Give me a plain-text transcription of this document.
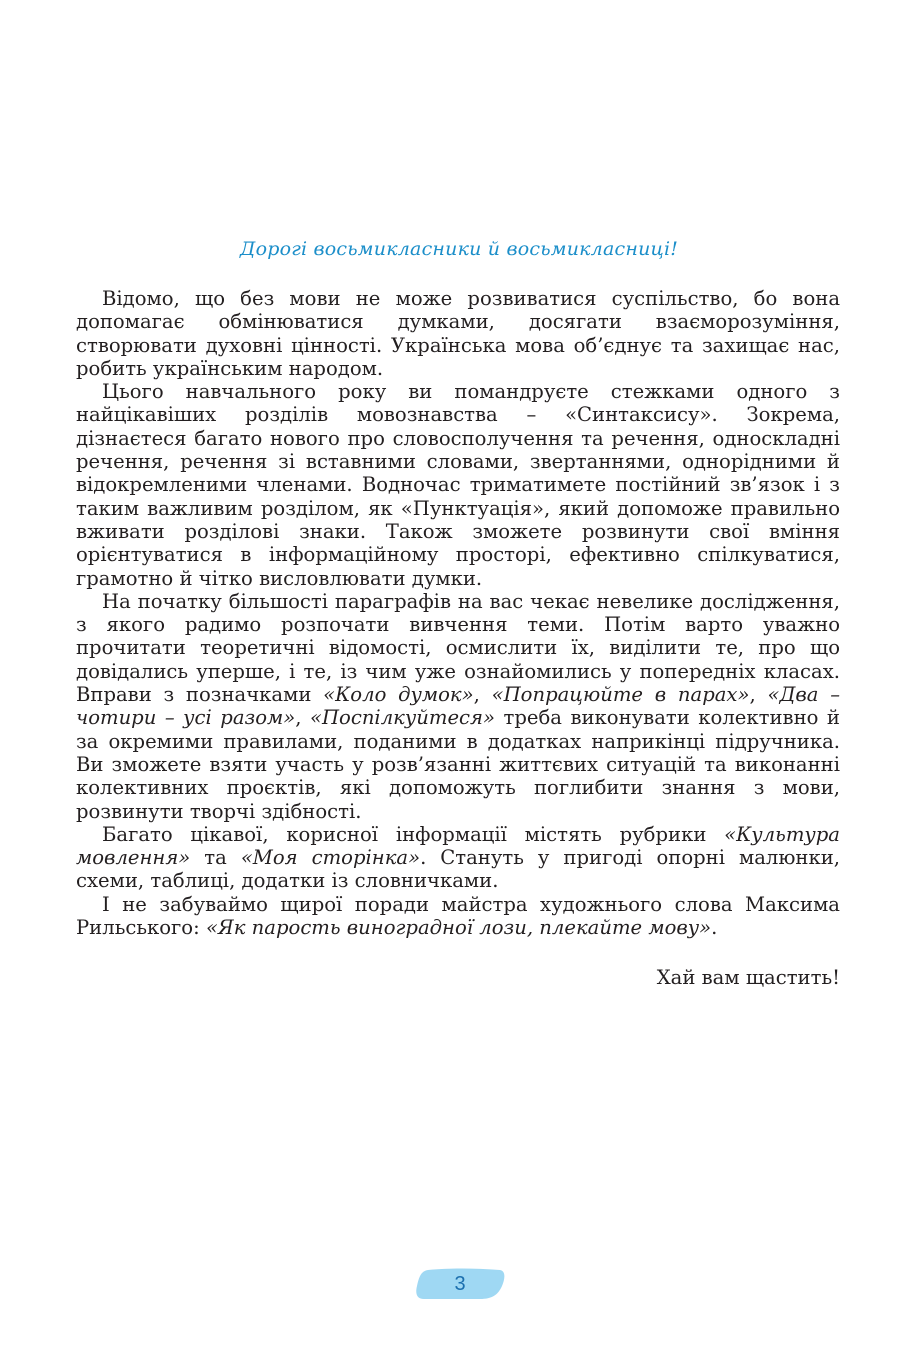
Дорогі восьмикласники й восьмикласниці!

Відомо, що без мови не може розвиватися суспільство, бо вона допомагає обмінюватися думками, досягати взаєморозуміння, створювати духовні цінності. Українська мова об’єднує та захищає нас, робить українським народом.

Цього навчального року ви помандруєте стежками одного з найцікавіших розділів мовознавства – «Синтаксису». Зокрема, дізнаєтеся багато нового про словосполучення та речення, односкладні речення, речення зі вставними словами, звертаннями, однорідними й відокремленими членами. Водночас триматимете постійний зв’язок і з таким важливим розділом, як «Пунктуація», який допоможе правильно вживати розділові знаки. Також зможете розвинути свої вміння орієнтуватися в інформаційному просторі, ефективно спілкуватися, грамотно й чітко висловлювати думки.

На початку більшості параграфів на вас чекає невелике дослідження, з якого радимо розпочати вивчення теми. Потім варто уважно прочитати теоретичні відомості, осмислити їх, виділити те, про що довідались уперше, і те, із чим уже ознайомились у попередніх класах. Вправи з позначками «Коло думок», «Попрацюйте в парах», «Два – чотири – усі разом», «Поспілкуйтеся» треба виконувати колективно й за окремими правилами, поданими в додатках наприкінці підручника. Ви зможете взяти участь у розв’язанні життєвих ситуацій та виконанні колективних проєктів, які допоможуть поглибити знання з мови, розвинути творчі здібності.

Багато цікавої, корисної інформації містять рубрики «Культура мовлення» та «Моя сторінка». Стануть у пригоді опорні малюнки, схеми, таблиці, додатки із словничками.

І не забуваймо щирої поради майстра художнього слова Максима Рильського: «Як парость виноградної лози, плекайте мову».

Хай вам щастить!
3
